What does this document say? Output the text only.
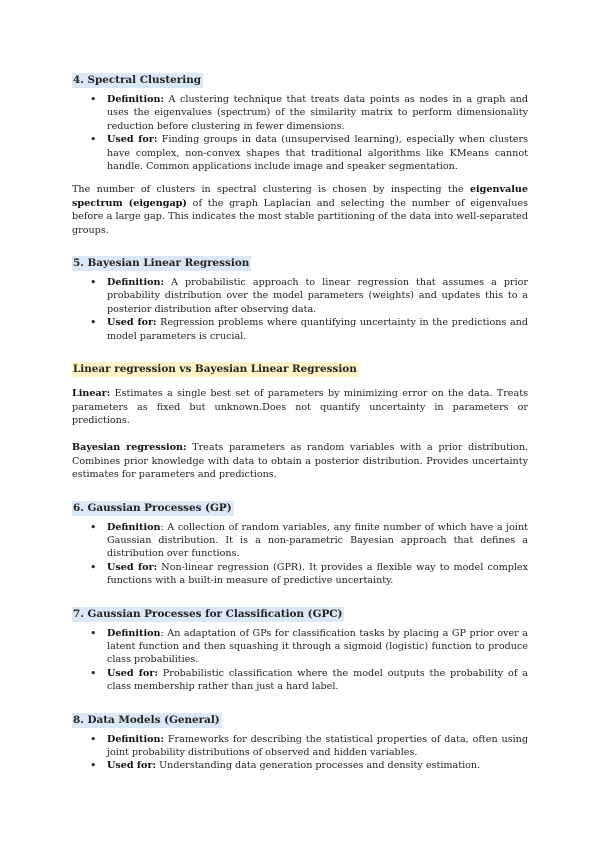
4. Spectral Clustering
• Definition: A clustering technique that treats data points as nodes in a graph and uses the eigenvalues (spectrum) of the similarity matrix to perform dimensionality reduction before clustering in fewer dimensions.
• Used for: Finding groups in data (unsupervised learning), especially when clusters have complex, non-convex shapes that traditional algorithms like KMeans cannot handle. Common applications include image and speaker segmentation.

The number of clusters in spectral clustering is chosen by inspecting the eigenvalue spectrum (eigengap) of the graph Laplacian and selecting the number of eigenvalues before a large gap. This indicates the most stable partitioning of the data into well-separated groups.

5. Bayesian Linear Regression
• Definition: A probabilistic approach to linear regression that assumes a prior probability distribution over the model parameters (weights) and updates this to a posterior distribution after observing data.
• Used for: Regression problems where quantifying uncertainty in the predictions and model parameters is crucial.
Linear regression vs Bayesian Linear Regression

Linear: Estimates a single best set of parameters by minimizing error on the data. Treats parameters as fixed but unknown.Does not quantify uncertainty in parameters or predictions.

Bayesian regression: Treats parameters as random variables with a prior distribution. Combines prior knowledge with data to obtain a posterior distribution. Provides uncertainty estimates for parameters and predictions.

6. Gaussian Processes (GP)
• Definition: A collection of random variables, any finite number of which have a joint Gaussian distribution. It is a non-parametric Bayesian approach that defines a distribution over functions.
• Used for: Non-linear regression (GPR). It provides a flexible way to model complex functions with a built-in measure of predictive uncertainty.
7. Gaussian Processes for Classification (GPC)
• Definition: An adaptation of GPs for classification tasks by placing a GP prior over a latent function and then squashing it through a sigmoid (logistic) function to produce class probabilities.
• Used for: Probabilistic classification where the model outputs the probability of a class membership rather than just a hard label.
8. Data Models (General)
• Definition: Frameworks for describing the statistical properties of data, often using joint probability distributions of observed and hidden variables.
• Used for: Understanding data generation processes and density estimation.
